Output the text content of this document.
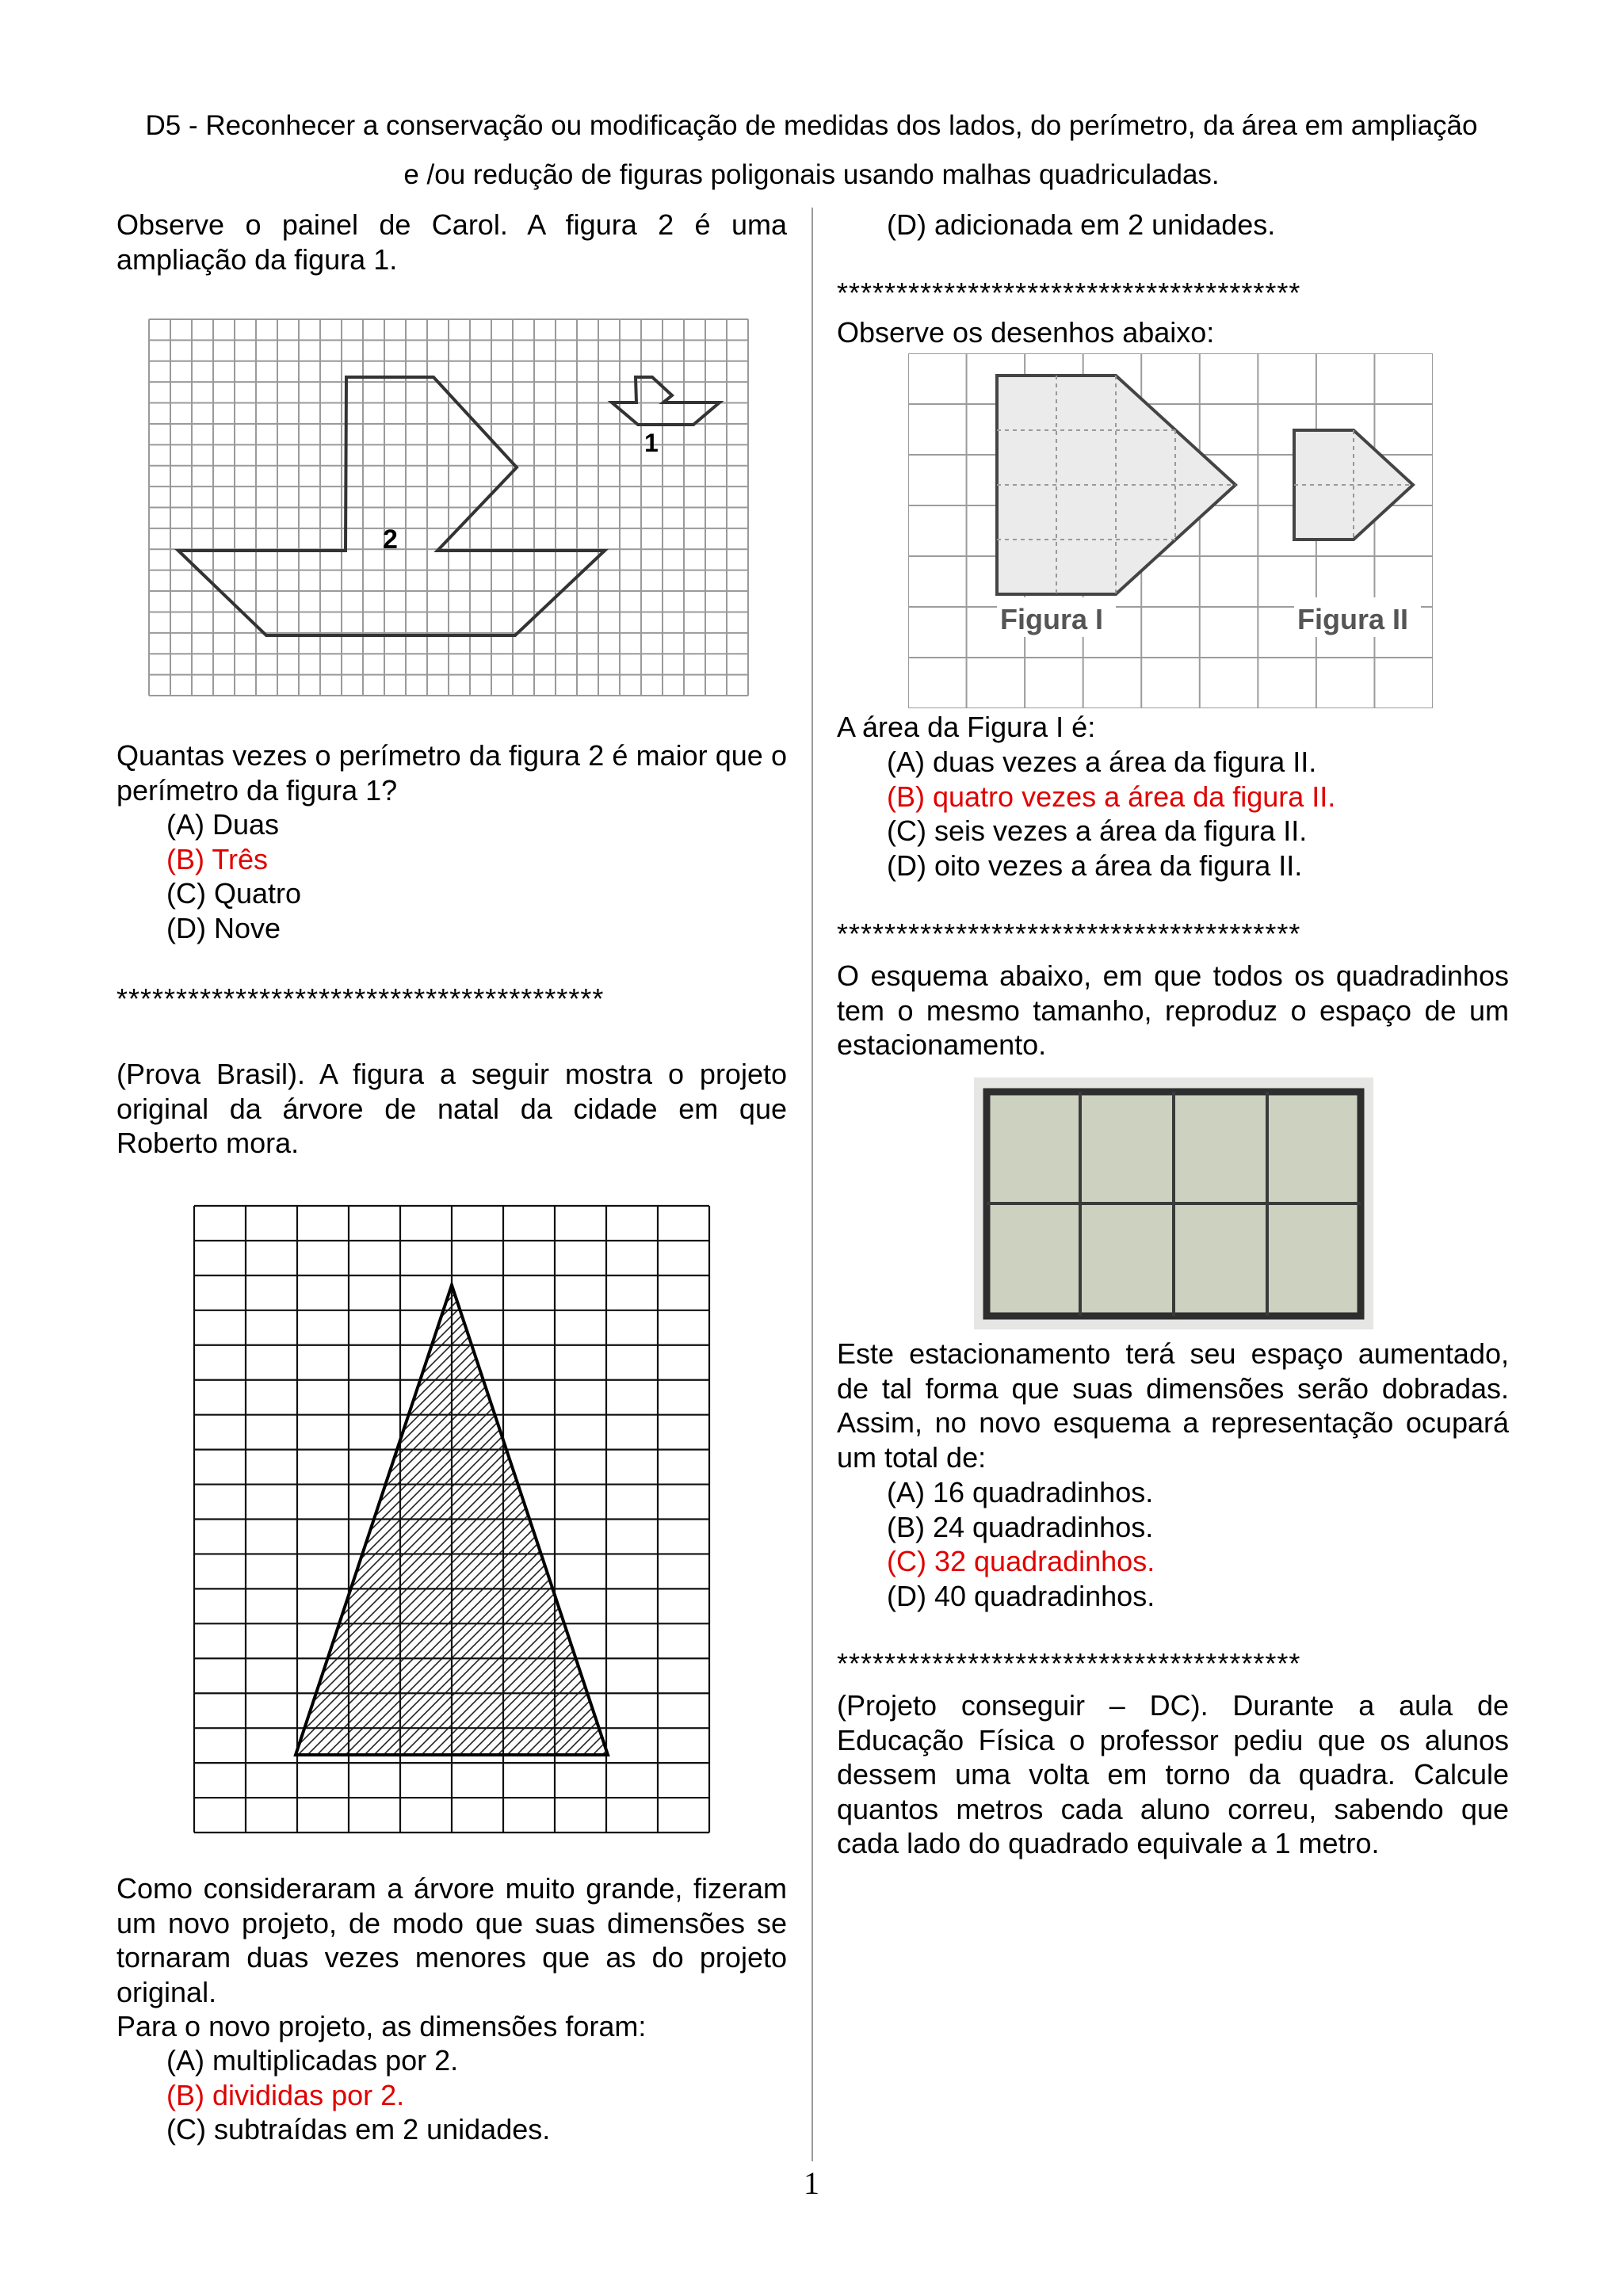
D5 - Reconhecer a conservação ou modificação de medidas dos lados, do perímetro, da área em ampliação
e /ou redução de figuras poligonais usando malhas quadriculadas.
Observe o painel de Carol. A figura 2 é uma ampliação da figura 1.
2
1
Quantas vezes o perímetro da figura 2 é maior que o perímetro da figura 1?
(A) Duas
(B) Três
(C) Quatro
(D) Nove
*****************************************
(Prova Brasil). A figura a seguir mostra o projeto original da árvore de natal da cidade em que Roberto mora.
Como consideraram a árvore muito grande, fizeram um novo projeto, de modo que suas dimensões se tornaram duas vezes menores que as do projeto original.
Para o novo projeto, as dimensões foram:
(A) multiplicadas por 2.
(B) divididas por 2.
(C) subtraídas em 2 unidades.
(D) adicionada em 2 unidades.
***************************************
Observe os desenhos abaixo:
Figura I	Figura II
A área da Figura I é:
(A) duas vezes a área da figura II.
(B) quatro vezes a área da figura II.
(C) seis vezes a área da figura II.
(D) oito vezes a área da figura II.
***************************************
O esquema abaixo, em que todos os quadradinhos tem o mesmo tamanho, reproduz o espaço de um estacionamento.
Este estacionamento terá seu espaço aumentado, de tal forma que suas dimensões serão dobradas. Assim, no novo esquema a representação ocupará um total de:
(A) 16 quadradinhos.
(B) 24 quadradinhos.
(C) 32 quadradinhos.
(D) 40 quadradinhos.
***************************************
(Projeto conseguir – DC). Durante a aula de Educação Física o professor pediu que os alunos dessem uma volta em torno da quadra. Calcule quantos metros cada aluno correu, sabendo que cada lado do quadrado equivale a 1 metro.
1
